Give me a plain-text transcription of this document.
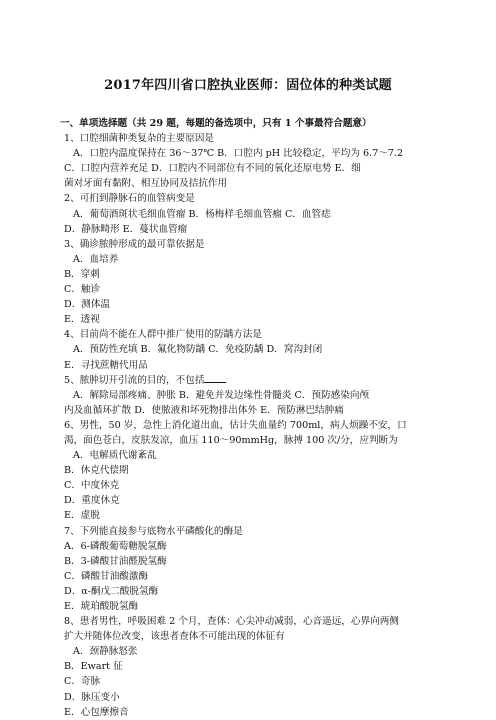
2017年四川省口腔执业医师：固位体的种类试题
一、单项选择题（共 29 题，每题的备选项中，只有 1 个事最符合题意）
1、口腔细菌种类复杂的主要原因是
A．口腔内温度保持在 36～37℃ B．口腔内 pH 比较稳定，平均为 6.7～7.2
C．口腔内营养充足 D．口腔内不同部位有不同的氧化还原电势 E．细
菌对牙面有黏附、相互协同及拮抗作用
2、可扪到静脉石的血管病变是
A．葡萄酒斑状毛细血管瘤 B．杨梅样毛细血管瘤 C．血管痣
D．静脉畸形 E．蔓状血管瘤
3、确诊脓肿形成的最可靠依据是
A．血培养
B．穿刺
C．触诊
D．测体温
E．透视
4、目前尚不能在人群中推广使用的防龋方法是
A．预防性充填 B．氟化物防龋 C．免疫防龋 D．窝沟封闭
E．寻找蔗糖代用品
5、脓肿切开引流的目的，不包括
A．解除局部疼痛、肿胀 B．避免并发边缘性骨髓炎 C．预防感染向颅
内及血循环扩散 D．使脓液和坏死物排出体外 E．预防淋巴结肿痛
6、男性，50 岁，急性上消化道出血，估计失血量约 700ml，病人烦躁不安，口
渴，面色苍白，皮肤发凉，血压 110～90mmHg，脉搏 100 次/分，应判断为
A．电解质代谢紊乱
B．休克代偿期
C．中度休克
D．重度休克
E．虚脱
7、下列能直接参与底物水平磷酸化的酶是
A．6-磷酸葡萄糖脱氢酶
B．3-磷酸甘油醛脱氢酶
C．磷酸甘油酸激酶
D．α-酮戊二酸脱氢酶
E．琥珀酸脱氢酶
8、患者男性，呼吸困难 2 个月，查体：心尖冲动减弱，心音遥远，心界向两侧
扩大并随体位改变，该患者查体不可能出现的体征有
A．颈静脉怒张
B．Ewart 征
C．奇脉
D．脉压变小
E．心包摩擦音
